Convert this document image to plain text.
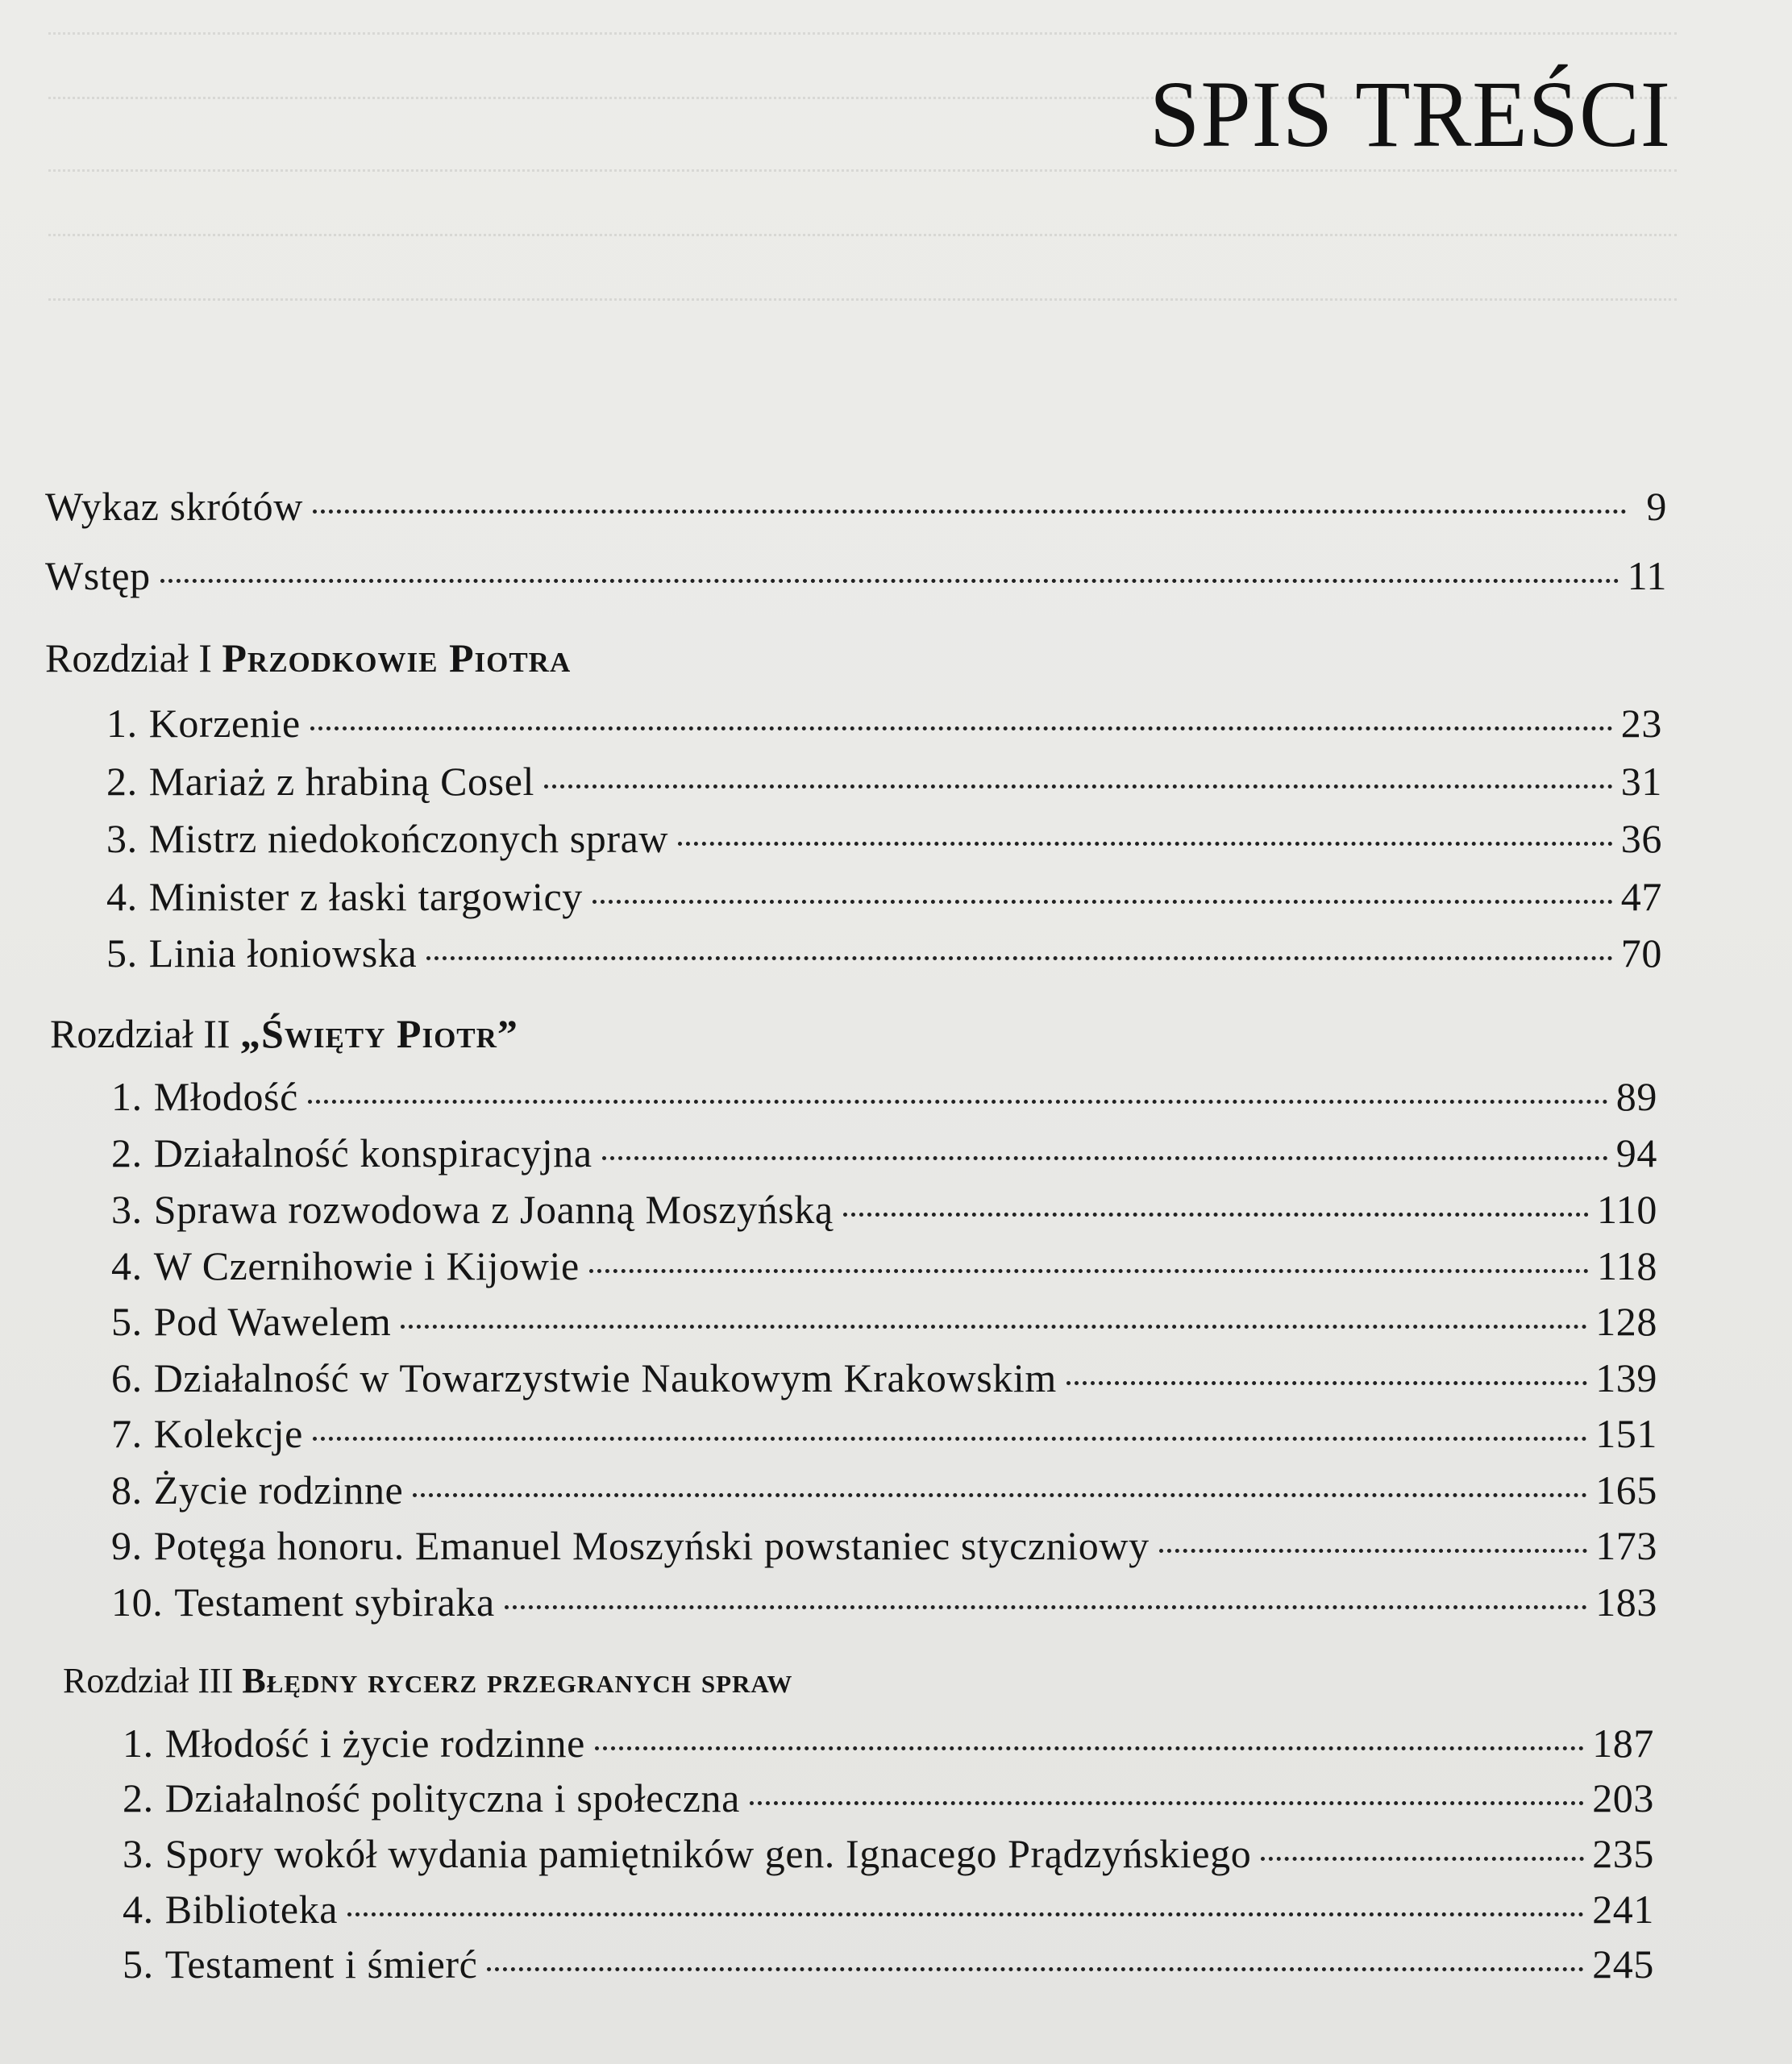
SPIS TREŚCI
Wykaz skrótów	9
Wstęp	11
Rozdział I Przodkowie Piotra
1. Korzenie	23
2. Mariaż z hrabiną Cosel	31
3. Mistrz niedokończonych spraw	36
4. Minister z łaski targowicy	47
5. Linia łoniowska	70
Rozdział II „Święty Piotr”
1. Młodość	89
2. Działalność konspiracyjna	94
3. Sprawa rozwodowa z Joanną Moszyńską	110
4. W Czernihowie i Kijowie	118
5. Pod Wawelem	128
6. Działalność w Towarzystwie Naukowym Krakowskim	139
7. Kolekcje	151
8. Życie rodzinne	165
9. Potęga honoru. Emanuel Moszyński powstaniec styczniowy	173
10. Testament sybiraka	183
Rozdział III Błędny rycerz przegranych spraw
1. Młodość i życie rodzinne	187
2. Działalność polityczna i społeczna	203
3. Spory wokół wydania pamiętników gen. Ignacego Prądzyńskiego	235
4. Biblioteka	241
5. Testament i śmierć	245
